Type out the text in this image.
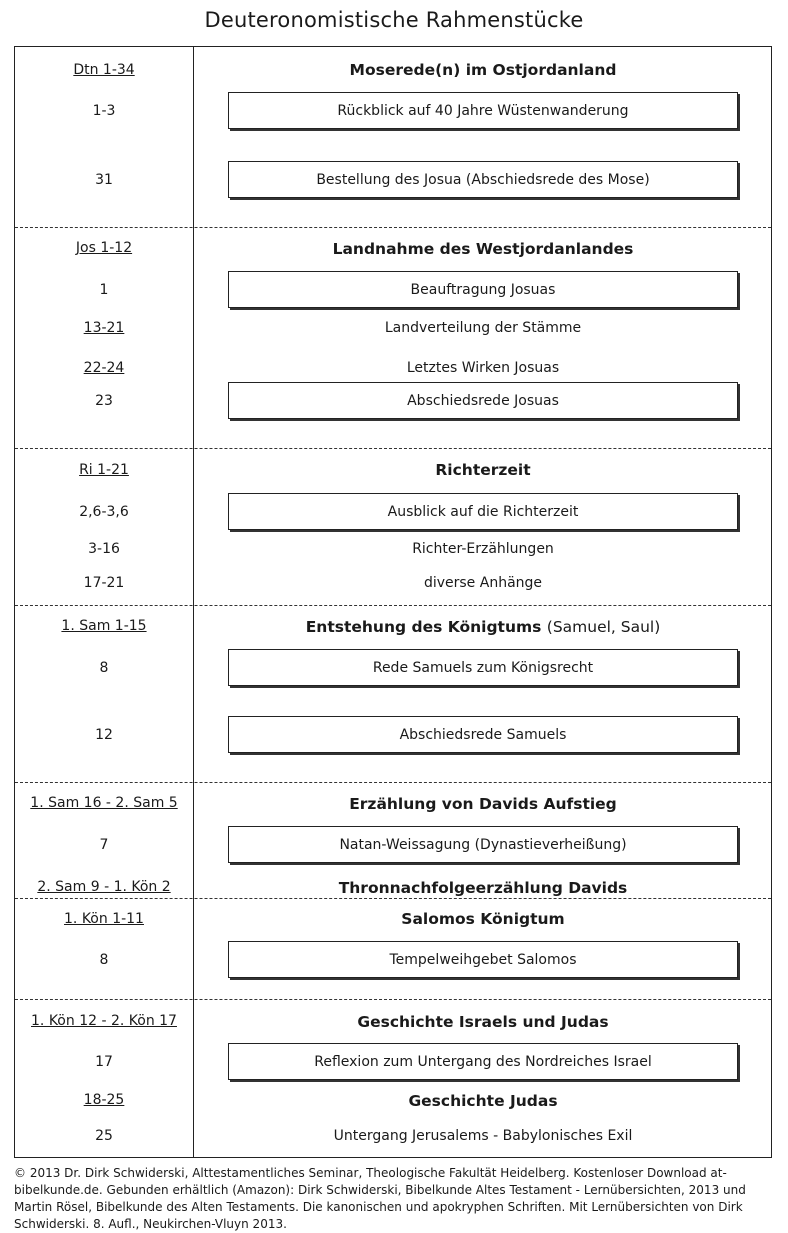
Deuteronomistische Rahmenstücke
Dtn 1-34	Moserede(n) im Ostjordanland
1-3	Rückblick auf 40 Jahre Wüstenwanderung
31	Bestellung des Josua (Abschiedsrede des Mose)
Jos 1-12	Landnahme des Westjordanlandes
1	Beauftragung Josuas
13-21	Landverteilung der Stämme
22-24	Letztes Wirken Josuas
23	Abschiedsrede Josuas
Ri 1-21	Richterzeit
2,6-3,6	Ausblick auf die Richterzeit
3-16	Richter-Erzählungen
17-21	diverse Anhänge
1. Sam 1-15	Entstehung des Königtums (Samuel, Saul)
8	Rede Samuels zum Königsrecht
12	Abschiedsrede Samuels
1. Sam 16 - 2. Sam 5	Erzählung von Davids Aufstieg
7	Natan-Weissagung (Dynastieverheißung)
2. Sam 9 - 1. Kön 2	Thronnachfolgeerzählung Davids
1. Kön 1-11	Salomos Königtum
8	Tempelweihgebet Salomos
1. Kön 12 - 2. Kön 17	Geschichte Israels und Judas
17	Reflexion zum Untergang des Nordreiches Israel
18-25	Geschichte Judas
25	Untergang Jerusalems - Babylonisches Exil
© 2013 Dr. Dirk Schwiderski, Alttestamentliches Seminar, Theologische Fakultät Heidelberg. Kostenloser Download at-bibelkunde.de. Gebunden erhältlich (Amazon): Dirk Schwiderski, Bibelkunde Altes Testament - Lernübersichten, 2013 und Martin Rösel, Bibelkunde des Alten Testaments. Die kanonischen und apokryphen Schriften. Mit Lernübersichten von Dirk Schwiderski. 8. Aufl., Neukirchen-Vluyn 2013.
